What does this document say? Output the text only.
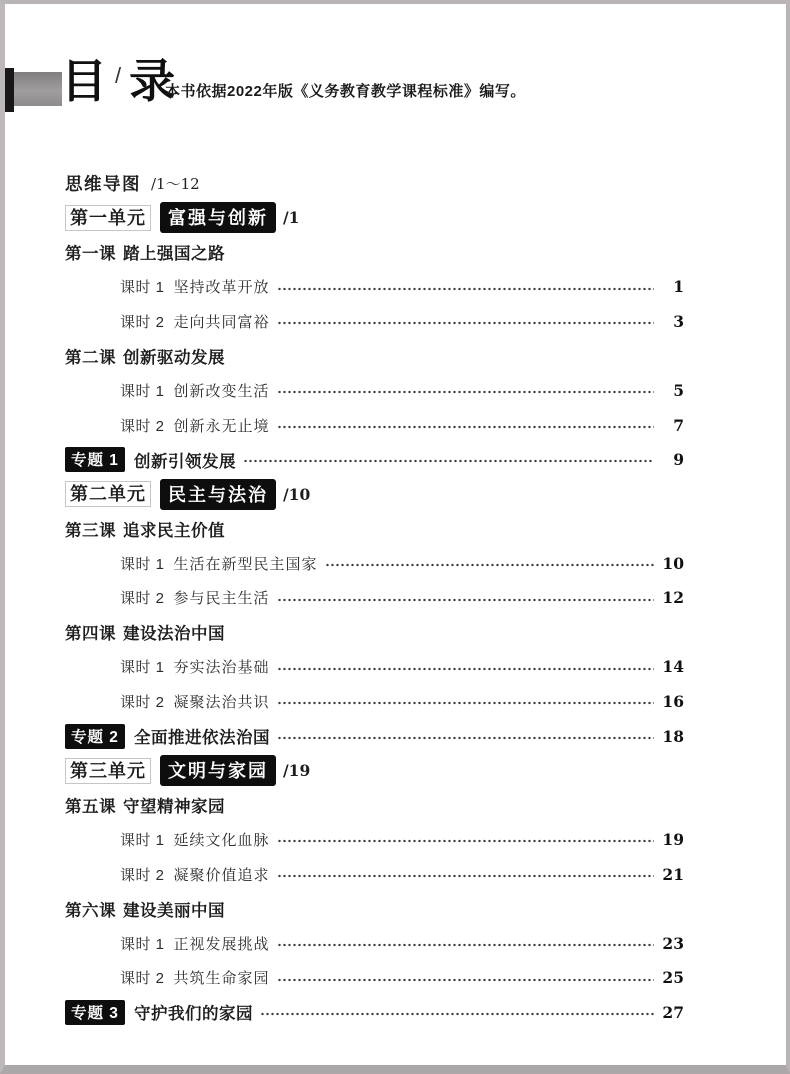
目 /录
本书依据2022年版《义务教育教学课程标准》编写。
思维导图 /1～12
第一单元	富强与创新 /1
第一课 踏上强国之路
课时 1 坚持改革开放	1
课时 2 走向共同富裕	3
第二课 创新驱动发展
课时 1 创新改变生活	5
课时 2 创新永无止境	7
专题 1 创新引领发展	9
第二单元	民主与法治 /10
第三课 追求民主价值
课时 1 生活在新型民主国家	10
课时 2 参与民主生活	12
第四课 建设法治中国
课时 1 夯实法治基础	14
课时 2 凝聚法治共识	16
专题 2 全面推进依法治国	18
第三单元	文明与家园 /19
第五课 守望精神家园
课时 1 延续文化血脉	19
课时 2 凝聚价值追求	21
第六课 建设美丽中国
课时 1 正视发展挑战	23
课时 2 共筑生命家园	25
专题 3 守护我们的家园	27
